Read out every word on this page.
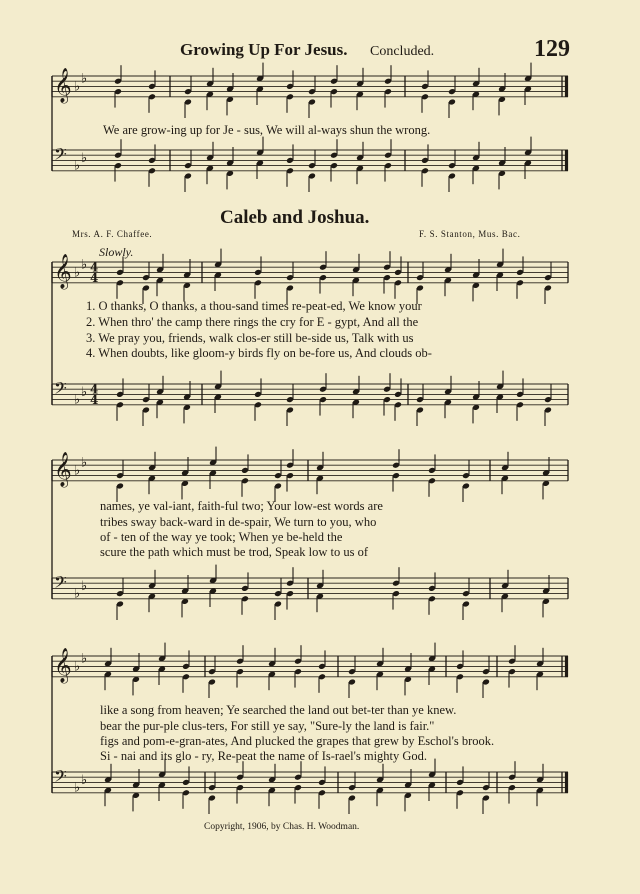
Growing Up For Jesus. Concluded.	129
Caleb and Joshua.
Mrs. A. F. Chaffee.	F. S. Stanton, Mus. Bac.
Slowly.
𝄞 ♭
♭
𝄢 ♭
♭
𝄞 ♭
♭ 4
4
𝄢 ♭
♭ 4
4
𝄞 ♭
♭
𝄢 ♭
♭
𝄞 ♭
♭
𝄢 ♭
♭
We are grow-ing up for Je - sus, We will al-ways shun the wrong.
1. O thanks, O thanks, a thou-sand times re-peat-ed, We know your
2. When thro' the camp there rings the cry for E - gypt, And all the
3. We pray you, friends, walk clos-er still be-side us, Talk with us
4. When doubts, like gloom-y birds fly on be-fore us, And clouds ob-
names, ye val-iant, faith-ful two; Your low-est words are
tribes sway back-ward in de-spair, We turn to you, who
of - ten of the way ye took; When ye be-held the
scure the path which must be trod, Speak low to us of
like a song from heaven; Ye searched the land out bet-ter than ye knew.
bear the pur-ple clus-ters, For still ye say, "Sure-ly the land is fair."
figs and pom-e-gran-ates, And plucked the grapes that grew by Eschol's brook.
Si - nai and its glo - ry, Re-peat the name of Is-rael's mighty God.
Copyright, 1906, by Chas. H. Woodman.
